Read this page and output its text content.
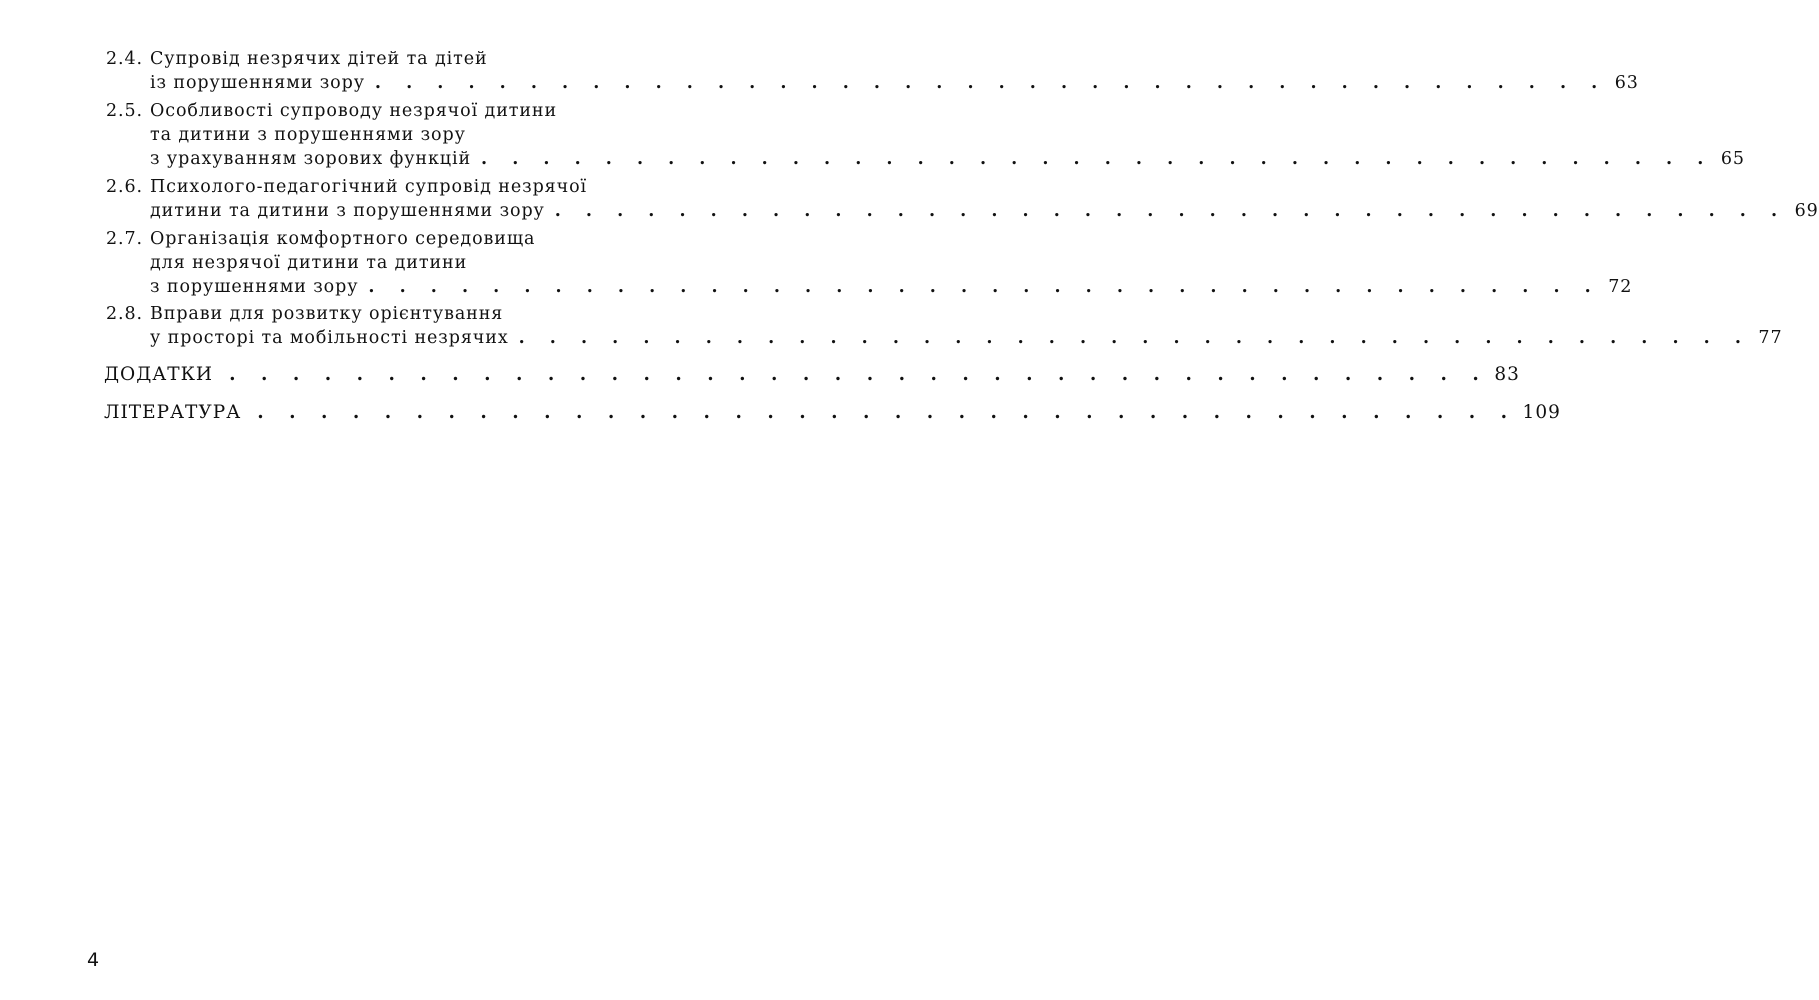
2.4. Супровід незрячих дітей та дітей
із порушеннями зору . . . . . . . . . . . . . . . . . . . . . . . . . . . . . . . . . . . . . . . . 63
2.5. Особливості супроводу незрячої дитини
та дитини з порушеннями зору
з урахуванням зорових функцій . . . . . . . . . . . . . . . . . . . . . . . . . . . . . . . . . . . . . . . . 65
2.6. Психолого-педагогічний супровід незрячої
дитини та дитини з порушеннями зору . . . . . . . . . . . . . . . . . . . . . . . . . . . . . . . . . . . . . . . . 69
2.7. Організація комфортного середовища
для незрячої дитини та дитини
з порушеннями зору . . . . . . . . . . . . . . . . . . . . . . . . . . . . . . . . . . . . . . . . 72
2.8. Вправи для розвитку орієнтування
у просторі та мобільності незрячих . . . . . . . . . . . . . . . . . . . . . . . . . . . . . . . . . . . . . . . . 77
ДОДАТКИ . . . . . . . . . . . . . . . . . . . . . . . . . . . . . . . . . . . . . . . . 83
ЛІТЕРАТУРА . . . . . . . . . . . . . . . . . . . . . . . . . . . . . . . . . . . . . . . . 109
4
